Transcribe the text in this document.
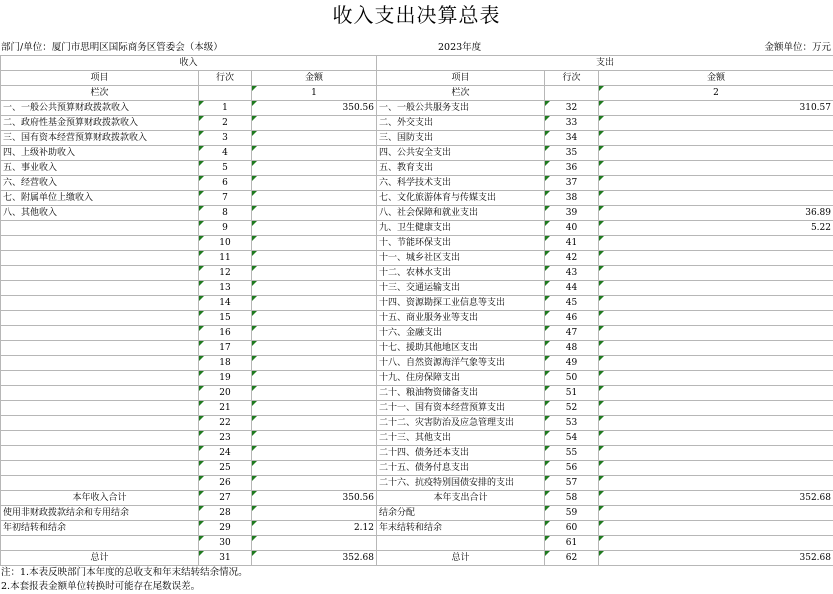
收入支出决算总表
部门/单位：厦门市思明区国际商务区管委会（本级）	2023年度	金额单位：万元
收入			支出		
项目	行次	金额	项目	行次	金额
栏次		1	栏次		2
一、一般公共预算财政拨款收入	1	350.56	一、一般公共服务支出	32	310.57
二、政府性基金预算财政拨款收入	2		二、外交支出	33	
三、国有资本经营预算财政拨款收入	3		三、国防支出	34	
四、上级补助收入	4		四、公共安全支出	35	
五、事业收入	5		五、教育支出	36	
六、经营收入	6		六、科学技术支出	37	
七、附属单位上缴收入	7		七、文化旅游体育与传媒支出	38	
八、其他收入	8		八、社会保障和就业支出	39	36.89
	9		九、卫生健康支出	40	5.22
	10		十、节能环保支出	41	
	11		十一、城乡社区支出	42	
	12		十二、农林水支出	43	
	13		十三、交通运输支出	44	
	14		十四、资源勘探工业信息等支出	45	
	15		十五、商业服务业等支出	46	
	16		十六、金融支出	47	
	17		十七、援助其他地区支出	48	
	18		十八、自然资源海洋气象等支出	49	
	19		十九、住房保障支出	50	
	20		二十、粮油物资储备支出	51	
	21		二十一、国有资本经营预算支出	52	
	22		二十二、灾害防治及应急管理支出	53	
	23		二十三、其他支出	54	
	24		二十四、债务还本支出	55	
	25		二十五、债务付息支出	56	
	26		二十六、抗疫特别国债安排的支出	57	
本年收入合计	27	350.56	本年支出合计	58	352.68
使用非财政拨款结余和专用结余	28		结余分配	59	
年初结转和结余	29	2.12	年末结转和结余	60	
	30			61	
总计	31	352.68	总计	62	352.68
注：1.本表反映部门本年度的总收支和年末结转结余情况。
2.本套报表金额单位转换时可能存在尾数误差。
